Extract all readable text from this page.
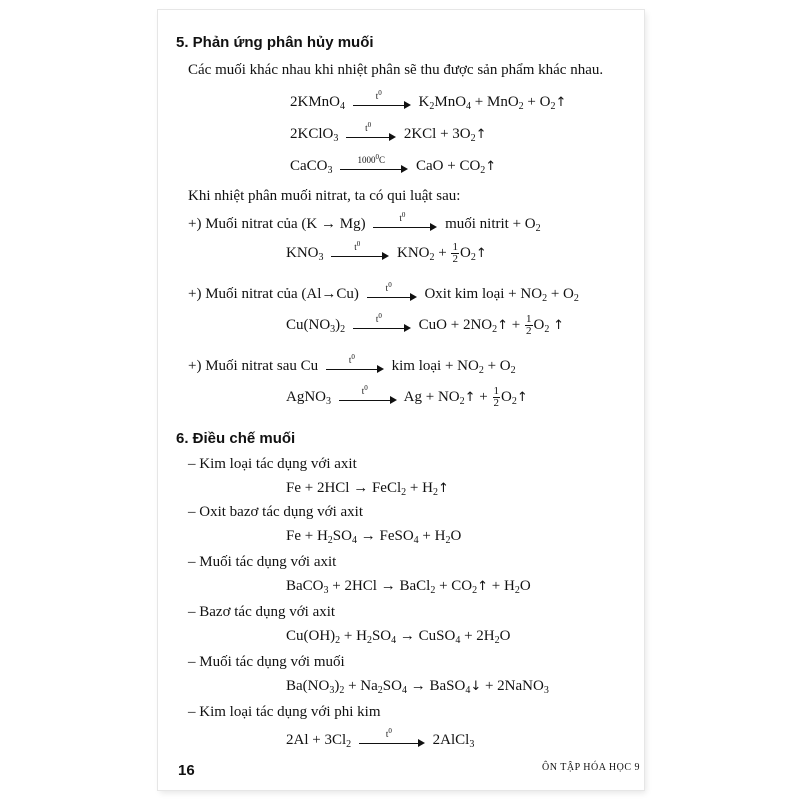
5. Phản ứng phân hủy muối
Các muối khác nhau khi nhiệt phân sẽ thu được sản phẩm khác nhau.
2KMnO$_4$
$t^0$
$K_2MnO_4 + MnO_2$ + $O_2↑$
2KClO$_3$
$t^0$
$2KCl + 3O_2↑$
CaCO$_3$
1000$^0$C	CaO + $CO_2↑$
Khi nhiệt phân muối nitrat, ta có qui luật sau:
+) Muối nitrat của (K → Mg)	$t^0$
muối nitrit + $O_2$
$KNO_3$
$t^0$
$KNO_2 + \frac{1}{2}$ $O_2↑$
+) Muối nitrat của (Al→Cu)	$t^0$
Oxit kim loại + $NO_2 + O_2$
$Cu(NO_3)_2$
$t^0$
CuO + $2NO_2↑ + \frac{1}{2} O_2$ ↑
+) Muối nitrat sau Cu	$t^0$
kim loại + $NO_2 + O_2$
AgNO$_3$
$t^0$
$Ag + NO_2↑ + \frac{1}{2}$ $O_2↑$
6. Điều chế muối
– Kim loại tác dụng với axit
Fe + 2HCl → FeCl$_2$ + $H_2↑$
– Oxit bazơ tác dụng với axit
$Fe + H_2SO_4$ → FeSO$_4$ + $H_2O$
– Muối tác dụng với axit
BaCO$_3$ + 2HCl → BaCl$_2$ + $CO_2↑ + H_2O$
– Bazơ tác dụng với axit
$Cu(OH)_2 + H_2SO_4$ → CuSO$_4$ + $2H_2O$
– Muối tác dụng với muối
$Ba(NO_3)_2 + Na_2SO_4$ → BaSO$_4$↓ + 2NaNO$_3$
– Kim loại tác dụng với phi kim
$2Al + 3Cl_2$
$t^0$
2AlCl$_3$
16	ÔN TẬP HÓA HỌC 9
